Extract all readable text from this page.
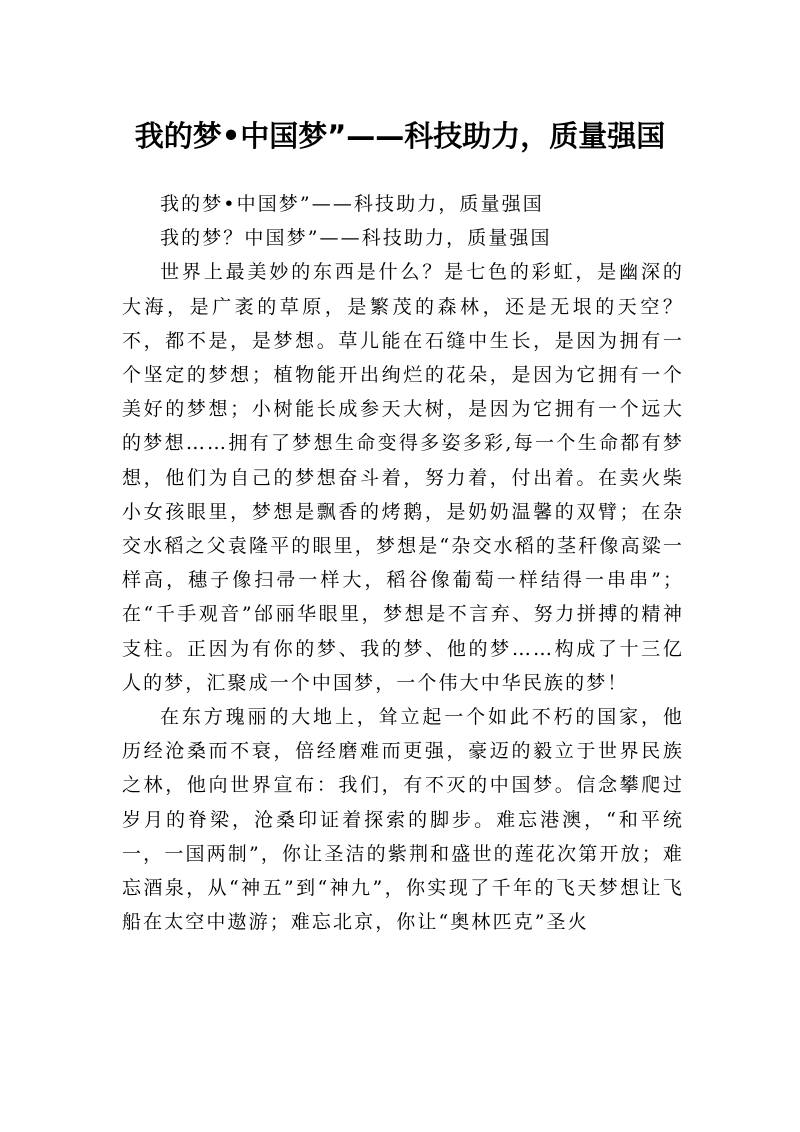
我的梦•中国梦”——科技助力，质量强国

我的梦•中国梦”——科技助力，质量强国

我的梦？中国梦”——科技助力，质量强国

世界上最美妙的东西是什么？是七色的彩虹，是幽深的大海，是广袤的草原，是繁茂的森林，还是无垠的天空？不，都不是，是梦想。草儿能在石缝中生长，是因为拥有一个坚定的梦想；植物能开出绚烂的花朵，是因为它拥有一个美好的梦想；小树能长成参天大树，是因为它拥有一个远大的梦想……拥有了梦想生命变得多姿多彩,每一个生命都有梦想，他们为自己的梦想奋斗着，努力着，付出着。在卖火柴小女孩眼里，梦想是飘香的烤鹅，是奶奶温馨的双臂；在杂交水稻之父袁隆平的眼里，梦想是“杂交水稻的茎秆像高粱一样高，穗子像扫帚一样大，稻谷像葡萄一样结得一串串”；在“千手观音”邰丽华眼里，梦想是不言弃、努力拼搏的精神支柱。正因为有你的梦、我的梦、他的梦……构成了十三亿人的梦，汇聚成一个中国梦，一个伟大中华民族的梦！

在东方瑰丽的大地上，耸立起一个如此不朽的国家，他历经沧桑而不衰，倍经磨难而更强，豪迈的毅立于世界民族之林，他向世界宣布：我们，有不灭的中国梦。信念攀爬过岁月的脊梁，沧桑印证着探索的脚步。难忘港澳，“和平统一，一国两制”，你让圣洁的紫荆和盛世的莲花次第开放；难忘酒泉，从“神五”到“神九”，你实现了千年的飞天梦想让飞船在太空中遨游；难忘北京，你让“奥林匹克”圣火
